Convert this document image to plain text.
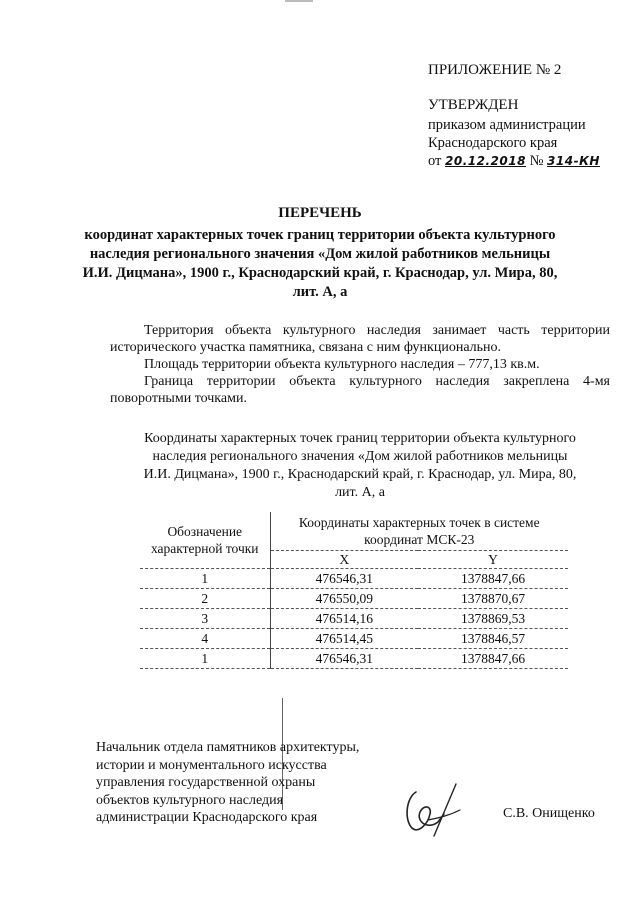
ПРИЛОЖЕНИЕ № 2
УТВЕРЖДЕН
приказом администрации
Краснодарского края
от 20.12.2018 № 314-КН
ПЕРЕЧЕНЬ
координат характерных точек границ территории объекта культурного
наследия регионального значения «Дом жилой работников мельницы
И.И. Дицмана», 1900 г., Краснодарский край, г. Краснодар, ул. Мира, 80,
лит. А, а

Территория объекта культурного наследия занимает часть территории исторического участка памятника, связана с ним функционально.

Площадь территории объекта культурного наследия – 777,13 кв.м.

Граница территории объекта культурного наследия закреплена 4-мя поворотными точками.

Координаты характерных точек границ территории объекта культурного
наследия регионального значения «Дом жилой работников мельницы
И.И. Дицмана», 1900 г., Краснодарский край, г. Краснодар, ул. Мира, 80,
лит. А, а
Обозначение характерной точки	Координаты характерных точек в системе координат МСК-23	
	X	Y
1	476546,31	1378847,66
2	476550,09	1378870,67
3	476514,16	1378869,53
4	476514,45	1378846,57
1	476546,31	1378847,66
Начальник отдела памятников архитектуры,
истории и монументального искусства
управления государственной охраны
объектов культурного наследия
администрации Краснодарского края	С.В. Онищенко
